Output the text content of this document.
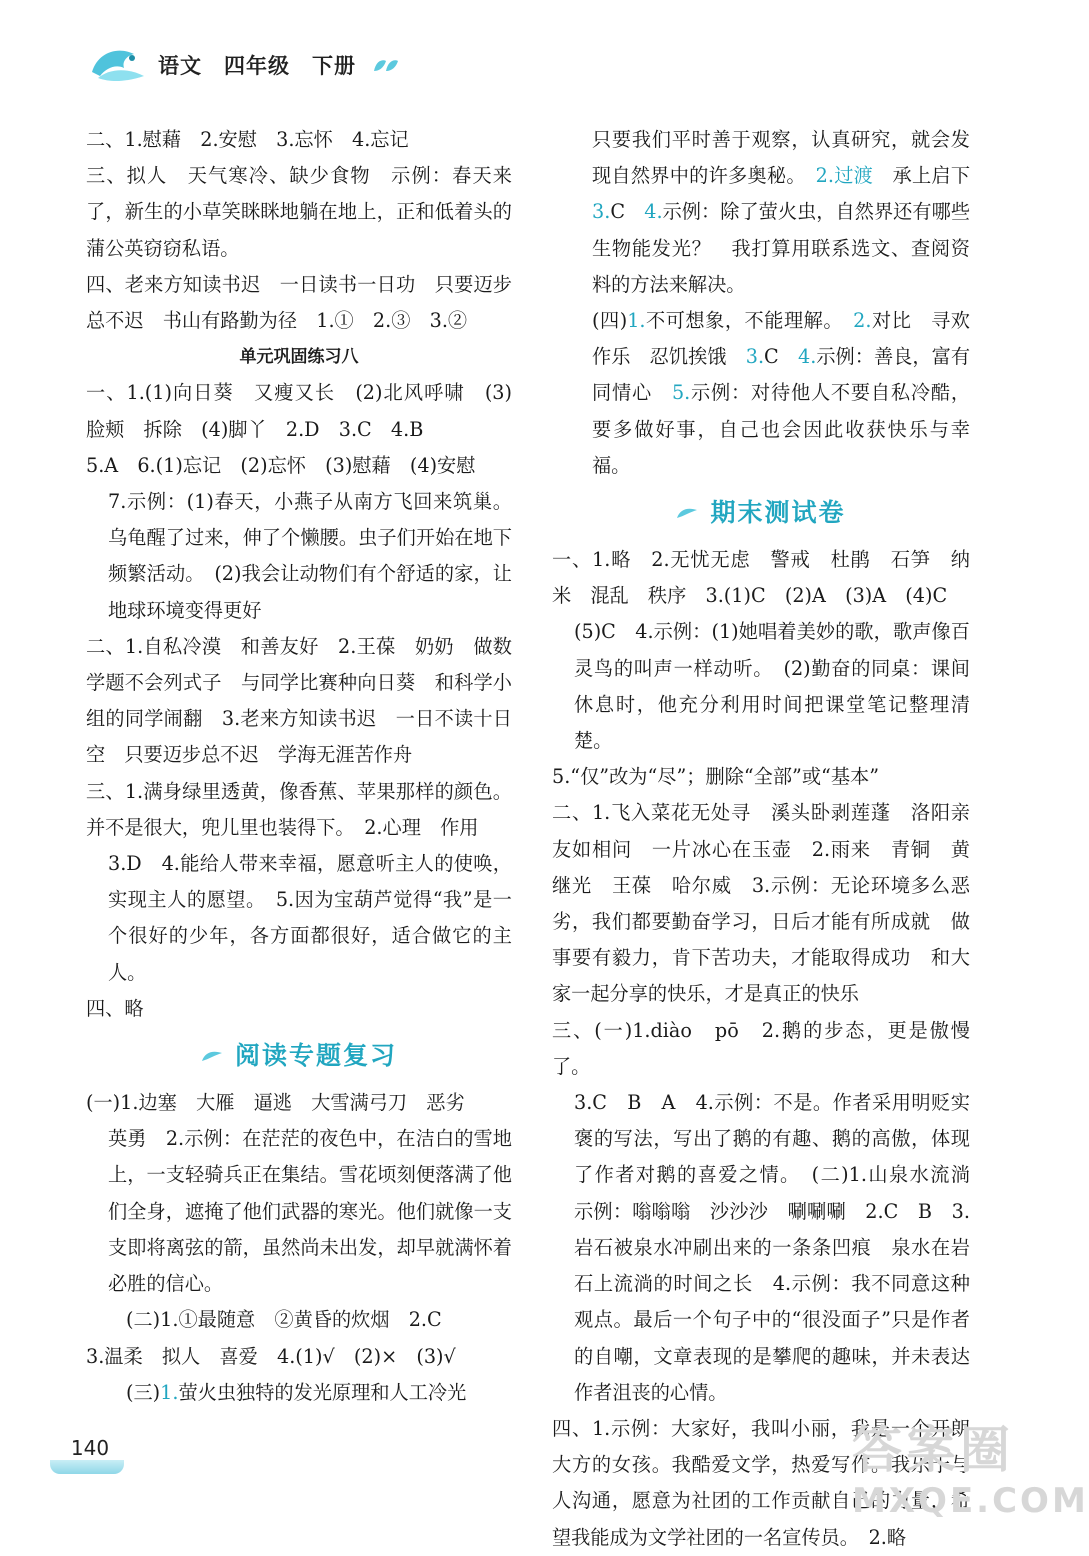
语文 四年级 下册

二、1.慰藉　2.安慰　3.忘怀　4.忘记

三、拟人　天气寒冷、缺少食物　示例：春天来了，新生的小草笑眯眯地躺在地上，正和低着头的蒲公英窃窃私语。

四、老来方知读书迟　一日读书一日功　只要迈步总不迟　书山有路勤为径　1.①　2.③　3.②

单元巩固练习八

一、1.(1)向日葵　又瘦又长　(2)北风呼啸　(3)脸颊　拆除　(4)脚丫　2.D　3.C　4.B

5.A　6.(1)忘记　(2)忘怀　(3)慰藉　(4)安慰

7.示例：(1)春天，小燕子从南方飞回来筑巢。乌龟醒了过来，伸了个懒腰。虫子们开始在地下频繁活动。　(2)我会让动物们有个舒适的家，让地球环境变得更好

二、1.自私冷漠　和善友好　2.王葆　奶奶　做数学题不会列式子　与同学比赛种向日葵　和科学小组的同学闹翻　3.老来方知读书迟　一日不读十日空　只要迈步总不迟　学海无涯苦作舟

三、1.满身绿里透黄，像香蕉、苹果那样的颜色。并不是很大，兜儿里也装得下。　2.心理　作用

3.D　4.能给人带来幸福，愿意听主人的使唤，实现主人的愿望。　5.因为宝葫芦觉得“我”是一个很好的少年，各方面都很好，适合做它的主人。

四、略

阅读专题复习

(一)1.边塞　大雁　逼逃　大雪满弓刀　恶劣

英勇　2.示例：在茫茫的夜色中，在洁白的雪地上，一支轻骑兵正在集结。雪花顷刻便落满了他们全身，遮掩了他们武器的寒光。他们就像一支支即将离弦的箭，虽然尚未出发，却早就满怀着必胜的信心。

(二)1.①最随意　②黄昏的炊烟　2.C

3.温柔　拟人　喜爱　4.(1)√　(2)×　(3)√

(三)1.萤火虫独特的发光原理和人工冷光

只要我们平时善于观察，认真研究，就会发现自然界中的许多奥秘。　2.过渡　承上启下　3.C　4.示例：除了萤火虫，自然界还有哪些生物能发光？　我打算用联系选文、查阅资料的方法来解决。

(四)1.不可想象，不能理解。　2.对比　寻欢作乐　忍饥挨饿　3.C　4.示例：善良，富有同情心　5.示例：对待他人不要自私冷酷，要多做好事，自己也会因此收获快乐与幸福。

期末测试卷

一、1.略　2.无忧无虑　警戒　杜鹃　石笋　纳米　混乱　秩序　3.(1)C　(2)A　(3)A　(4)C

(5)C　4.示例：(1)她唱着美妙的歌，歌声像百灵鸟的叫声一样动听。　(2)勤奋的同桌：课间休息时，他充分利用时间把课堂笔记整理清楚。

5.“仅”改为“尽”；删除“全部”或“基本”

二、1.飞入菜花无处寻　溪头卧剥莲蓬　洛阳亲友如相问　一片冰心在玉壶　2.雨来　青铜　黄继光　王葆　哈尔威　3.示例：无论环境多么恶劣，我们都要勤奋学习，日后才能有所成就　做事要有毅力，肯下苦功夫，才能取得成功　和大家一起分享的快乐，才是真正的快乐

三、(一)1.diào　pō　2.鹅的步态，更是傲慢了。

3.C　B　A　4.示例：不是。作者采用明贬实褒的写法，写出了鹅的有趣、鹅的高傲，体现了作者对鹅的喜爱之情。　(二)1.山泉水流淌　示例：嗡嗡嗡　沙沙沙　唰唰唰　2.C　B　3.岩石被泉水冲刷出来的一条条凹痕　泉水在岩石上流淌的时间之长　4.示例：我不同意这种观点。最后一个句子中的“很没面子”只是作者的自嘲，文章表现的是攀爬的趣味，并未表达作者沮丧的心情。

四、1.示例：大家好，我叫小丽，我是一个开朗大方的女孩。我酷爱文学，热爱写作。我乐于与人沟通，愿意为社团的工作贡献自己的力量，希望我能成为文学社团的一名宣传员。　2.略

140	答案圈
MXQE.COM
